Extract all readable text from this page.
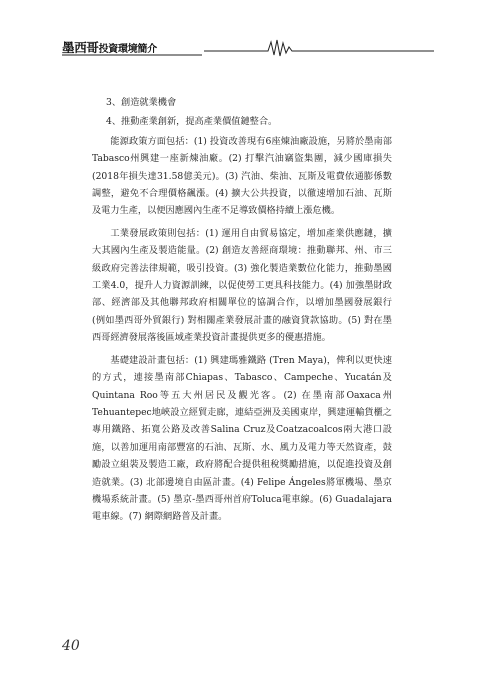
墨西哥投資環境簡介

3、創造就業機會

4、推動產業創新，提高產業價值鏈整合。

能源政策方面包括：(1) 投資改善現有6座煉油廠設施，另將於墨南部Tabasco州興建一座新煉油廠。(2) 打擊汽油竊盜集團，減少國庫損失(2018年損失達31.58億美元)。(3) 汽油、柴油、瓦斯及電費依通膨係數調整，避免不合理價格飆漲。(4) 擴大公共投資，以徹速增加石油、瓦斯及電力生產，以便因應國內生產不足導致價格持續上漲危機。

工業發展政策則包括：(1) 運用自由貿易協定，增加產業供應鏈，擴大其國內生產及製造能量。(2) 創造友善經商環境：推動聯邦、州、市三級政府完善法律規範，吸引投資。(3) 強化製造業數位化能力，推動墨國工業4.0，提升人力資源訓練，以促使勞工更具科技能力。(4) 加強墨財政部、經濟部及其他聯邦政府相關單位的協調合作，以增加墨國發展銀行 (例如墨西哥外貿銀行) 對相關產業發展計畫的融資貸款協助。(5) 對在墨西哥經濟發展落後區域產業投資計畫提供更多的優惠措施。

基礎建設計畫包括：(1) 興建瑪雅鐵路 (Tren Maya)，俾利以更快速的方式，連接墨南部Chiapas、Tabasco、Campeche、Yucatán及Quintana Roo等五大州居民及觀光客。(2) 在墨南部Oaxaca州Tehuantepec地峽設立經貿走廊，連結亞洲及美國東岸，興建運輸貨櫃之專用鐵路、拓寬公路及改善Salina Cruz及Coatzacoalcos兩大港口設施，以善加運用南部豐富的石油、瓦斯、水、風力及電力等天然資產，鼓勵設立組裝及製造工廠，政府將配合提供租稅獎勵措施，以促進投資及創造就業。(3) 北部邊境自由區計畫。(4) Felipe Ángeles將軍機場、墨京機場系統計畫。(5) 墨京-墨西哥州首府Toluca電車線。(6) Guadalajara電車線。(7) 網際網路普及計畫。

40
